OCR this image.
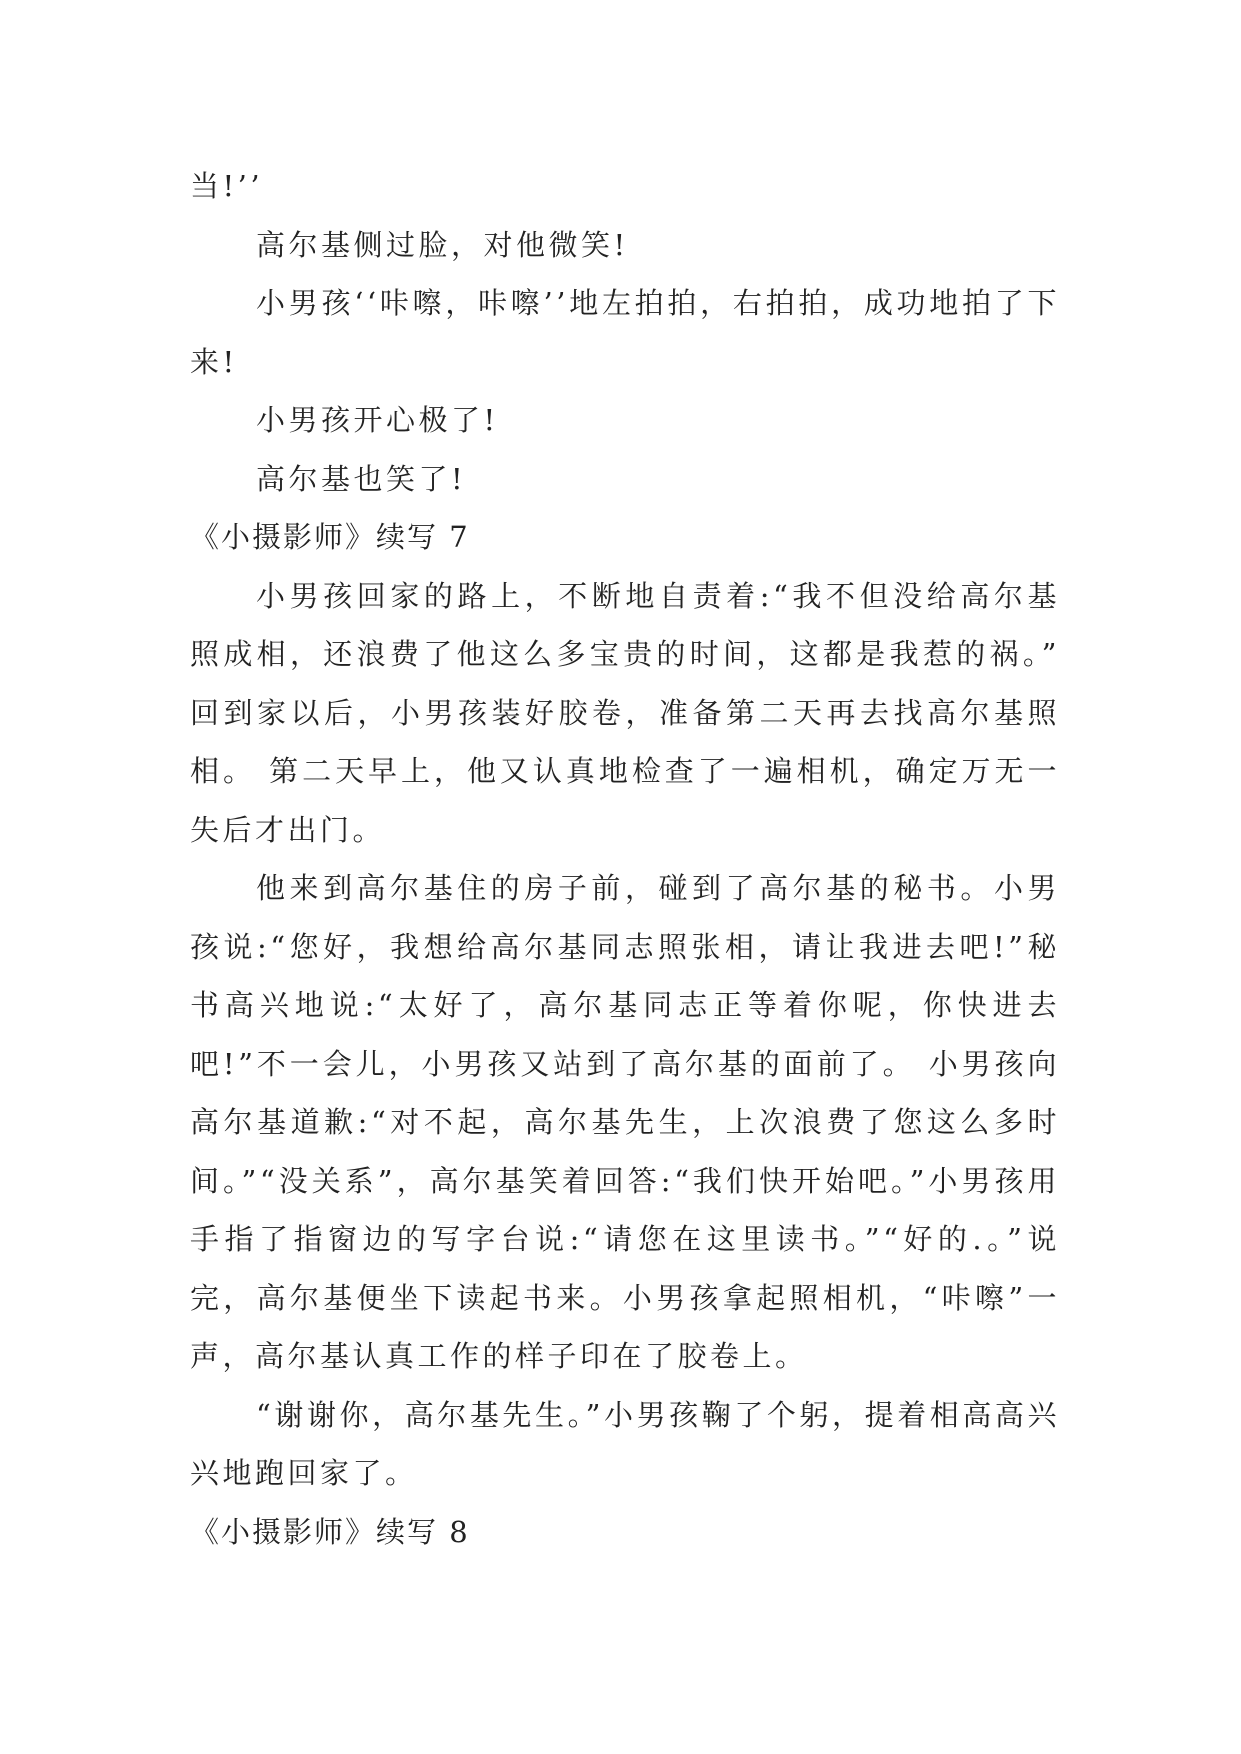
当!’’

高尔基侧过脸，对他微笑!

小男孩‘‘咔嚓，咔嚓’’地左拍拍，右拍拍，成功地拍了下来!

小男孩开心极了!

高尔基也笑了!

《小摄影师》续写 7

小男孩回家的路上，不断地自责着:“我不但没给高尔基照成相，还浪费了他这么多宝贵的时间，这都是我惹的祸。” 回到家以后，小男孩装好胶卷，准备第二天再去找高尔基照相。 第二天早上，他又认真地检查了一遍相机，确定万无一失后才出门。

他来到高尔基住的房子前，碰到了高尔基的秘书。小男孩说:“您好，我想给高尔基同志照张相，请让我进去吧!”秘书高兴地说:“太好了，高尔基同志正等着你呢，你快进去吧!”不一会儿，小男孩又站到了高尔基的面前了。 小男孩向高尔基道歉:“对不起，高尔基先生，上次浪费了您这么多时间。”“没关系”，高尔基笑着回答:“我们快开始吧。”小男孩用手指了指窗边的写字台说:“请您在这里读书。”“好的.。”说完，高尔基便坐下读起书来。小男孩拿起照相机，“咔嚓”一声，高尔基认真工作的样子印在了胶卷上。

“谢谢你，高尔基先生。”小男孩鞠了个躬，提着相高高兴兴地跑回家了。

《小摄影师》续写 8
